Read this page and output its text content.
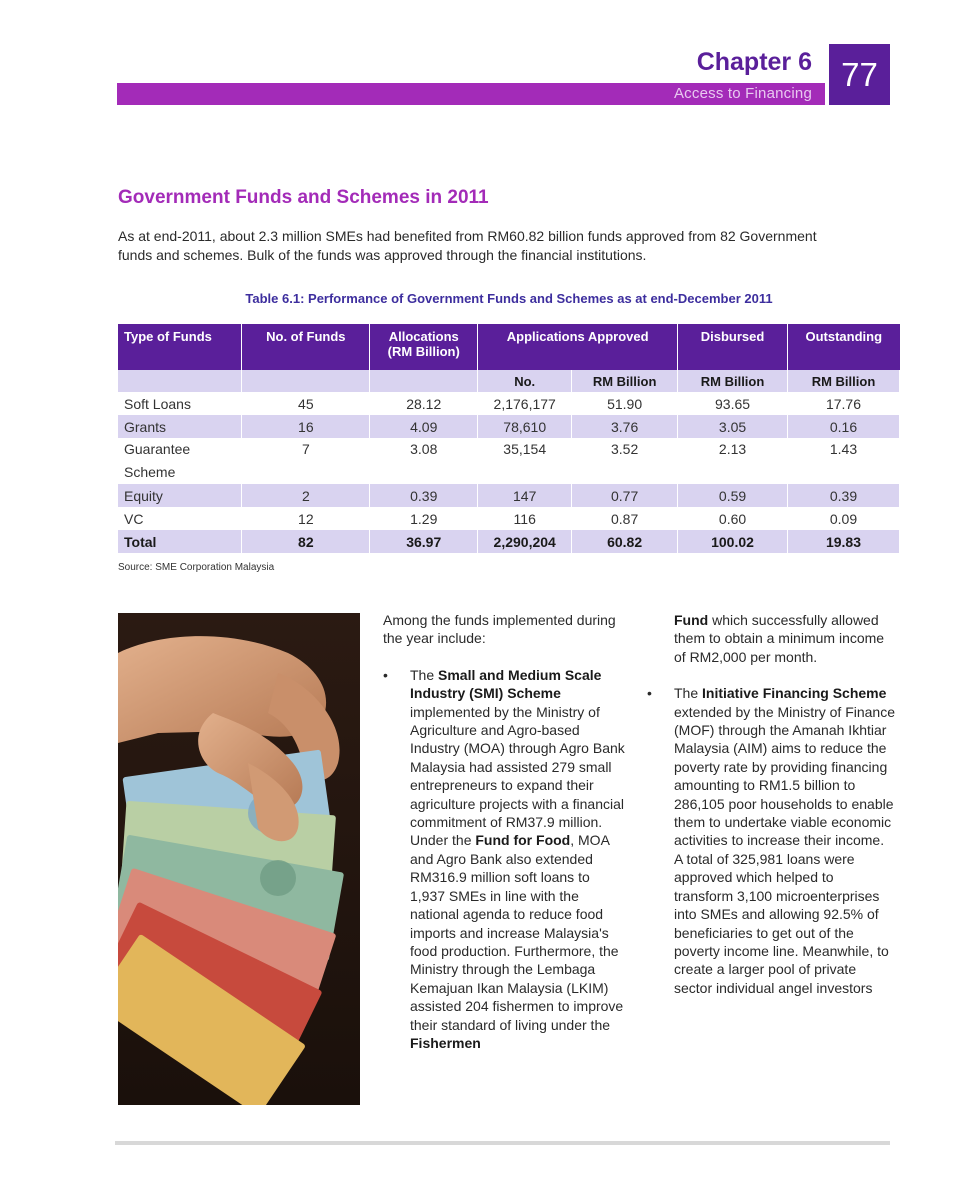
Chapter 6
Access to Financing
77
Government Funds and Schemes in 2011
As at end-2011, about 2.3 million SMEs had benefited from RM60.82 billion funds approved from 82 Government funds and schemes. Bulk of the funds was approved through the financial institutions.
Table 6.1: Performance of Government Funds and Schemes as at end-December 2011
Type of Funds	No. of Funds	Allocations (RM Billion)	Applications Approved		Disbursed	Outstanding
			No.	RM Billion	RM Billion	RM Billion
Soft Loans	45	28.12	2,176,177	51.90	93.65	17.76
Grants	16	4.09	78,610	3.76	3.05	0.16
Guarantee Scheme	7	3.08	35,154	3.52	2.13	1.43
Equity	2	0.39	147	0.77	0.59	0.39
VC	12	1.29	116	0.87	0.60	0.09
Total	82	36.97	2,290,204	60.82	100.02	19.83
Source: SME Corporation Malaysia
Among the funds implemented during the year include:
• The Small and Medium Scale Industry (SMI) Scheme implemented by the Ministry of Agriculture and Agro-based Industry (MOA) through Agro Bank Malaysia had assisted 279 small entrepreneurs to expand their agriculture projects with a financial commitment of RM37.9 million. Under the Fund for Food, MOA and Agro Bank also extended RM316.9 million soft loans to 1,937 SMEs in line with the national agenda to reduce food imports and increase Malaysia's food production. Furthermore, the Ministry through the Lembaga Kemajuan Ikan Malaysia (LKIM) assisted 204 fishermen to improve their standard of living under the Fishermen
Fund which successfully allowed them to obtain a minimum income of RM2,000 per month.
• The Initiative Financing Scheme extended by the Ministry of Finance (MOF) through the Amanah Ikhtiar Malaysia (AIM) aims to reduce the poverty rate by providing financing amounting to RM1.5 billion to 286,105 poor households to enable them to undertake viable economic activities to increase their income. A total of 325,981 loans were approved which helped to transform 3,100 microenterprises into SMEs and allowing 92.5% of beneficiaries to get out of the poverty income line. Meanwhile, to create a larger pool of private sector individual angel investors
